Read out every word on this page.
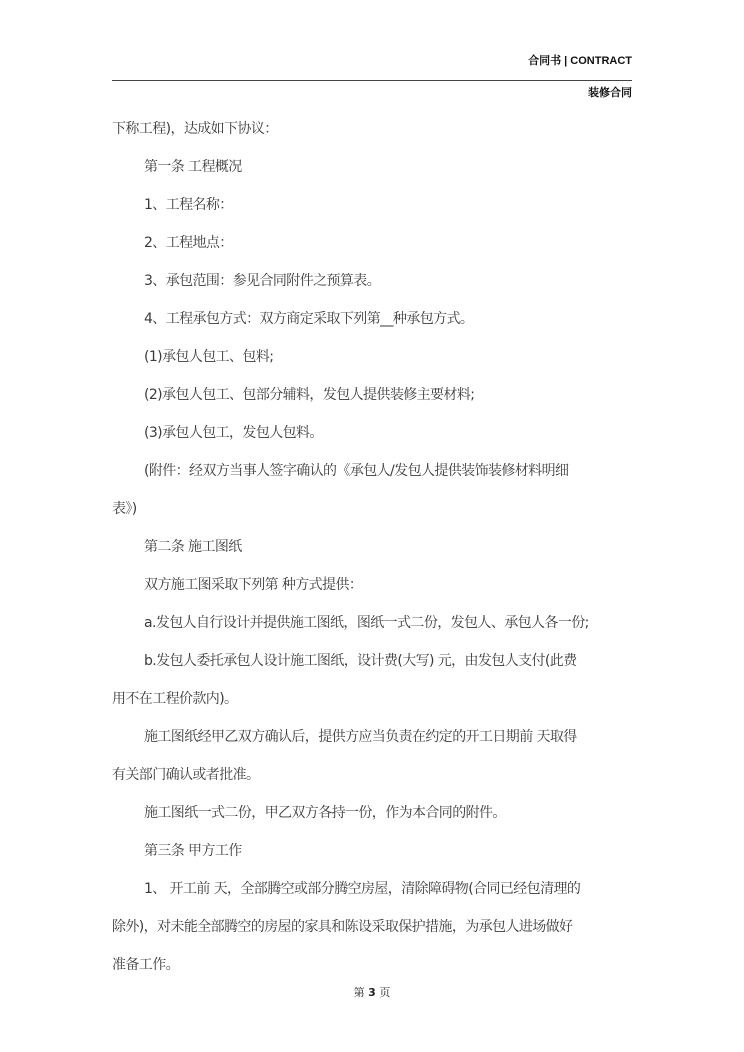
合同书 | CONTRACT
装修合同
下称工程)，达成如下协议：
第一条 工程概况
1、工程名称：
2、工程地点：
3、承包范围：参见合同附件之预算表。
4、工程承包方式：双方商定采取下列第__种承包方式。
(1)承包人包工、包料;
(2)承包人包工、包部分辅料，发包人提供装修主要材料;
(3)承包人包工，发包人包料。
(附件：经双方当事人签字确认的《承包人/发包人提供装饰装修材料明细
表》)
第二条 施工图纸
双方施工图采取下列第 种方式提供：
a.发包人自行设计并提供施工图纸，图纸一式二份，发包人、承包人各一份;
b.发包人委托承包人设计施工图纸，设计费(大写) 元，由发包人支付(此费
用不在工程价款内)。
施工图纸经甲乙双方确认后，提供方应当负责在约定的开工日期前 天取得
有关部门确认或者批准。
施工图纸一式二份，甲乙双方各持一份，作为本合同的附件。
第三条 甲方工作
1、 开工前 天，全部腾空或部分腾空房屋，清除障碍物(合同已经包清理的
除外)，对未能全部腾空的房屋的家具和陈设采取保护措施，为承包人进场做好
准备工作。
第 3 页
